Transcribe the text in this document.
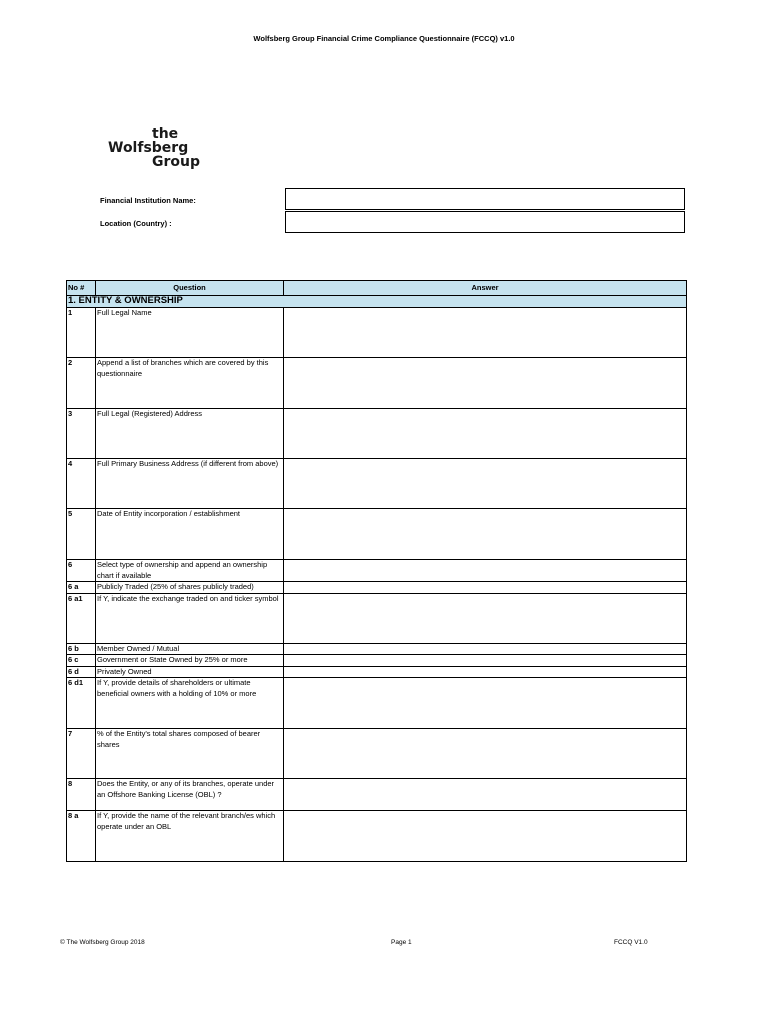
Wolfsberg Group Financial Crime Compliance Questionnaire (FCCQ) v1.0
the
Wolfsberg
Group
Financial Institution Name:
Location (Country) :
No #	Question	Answer
1. ENTITY & OWNERSHIP		
1	Full Legal Name	
2	Append a list of branches which are covered by this questionnaire	
3	Full Legal (Registered) Address	
4	Full Primary Business Address (if different from above)	
5	Date of Entity incorporation / establishment	
6	Select type of ownership and append an ownership chart if available	
6 a	Publicly Traded (25% of shares publicly traded)	
6 a1	If Y, indicate the exchange traded on and ticker symbol	
6 b	Member Owned / Mutual	
6 c	Government or State Owned by 25% or more	
6 d	Privately Owned	
6 d1	If Y, provide details of shareholders or ultimate beneficial owners with a holding of 10% or more	
7	% of the Entity's total shares composed of bearer shares	
8	Does the Entity, or any of its branches, operate under an Offshore Banking License (OBL) ?	
8 a	If Y, provide the name of the relevant branch/es which operate under an OBL	
© The Wolfsberg Group 2018	Page 1	FCCQ V1.0
